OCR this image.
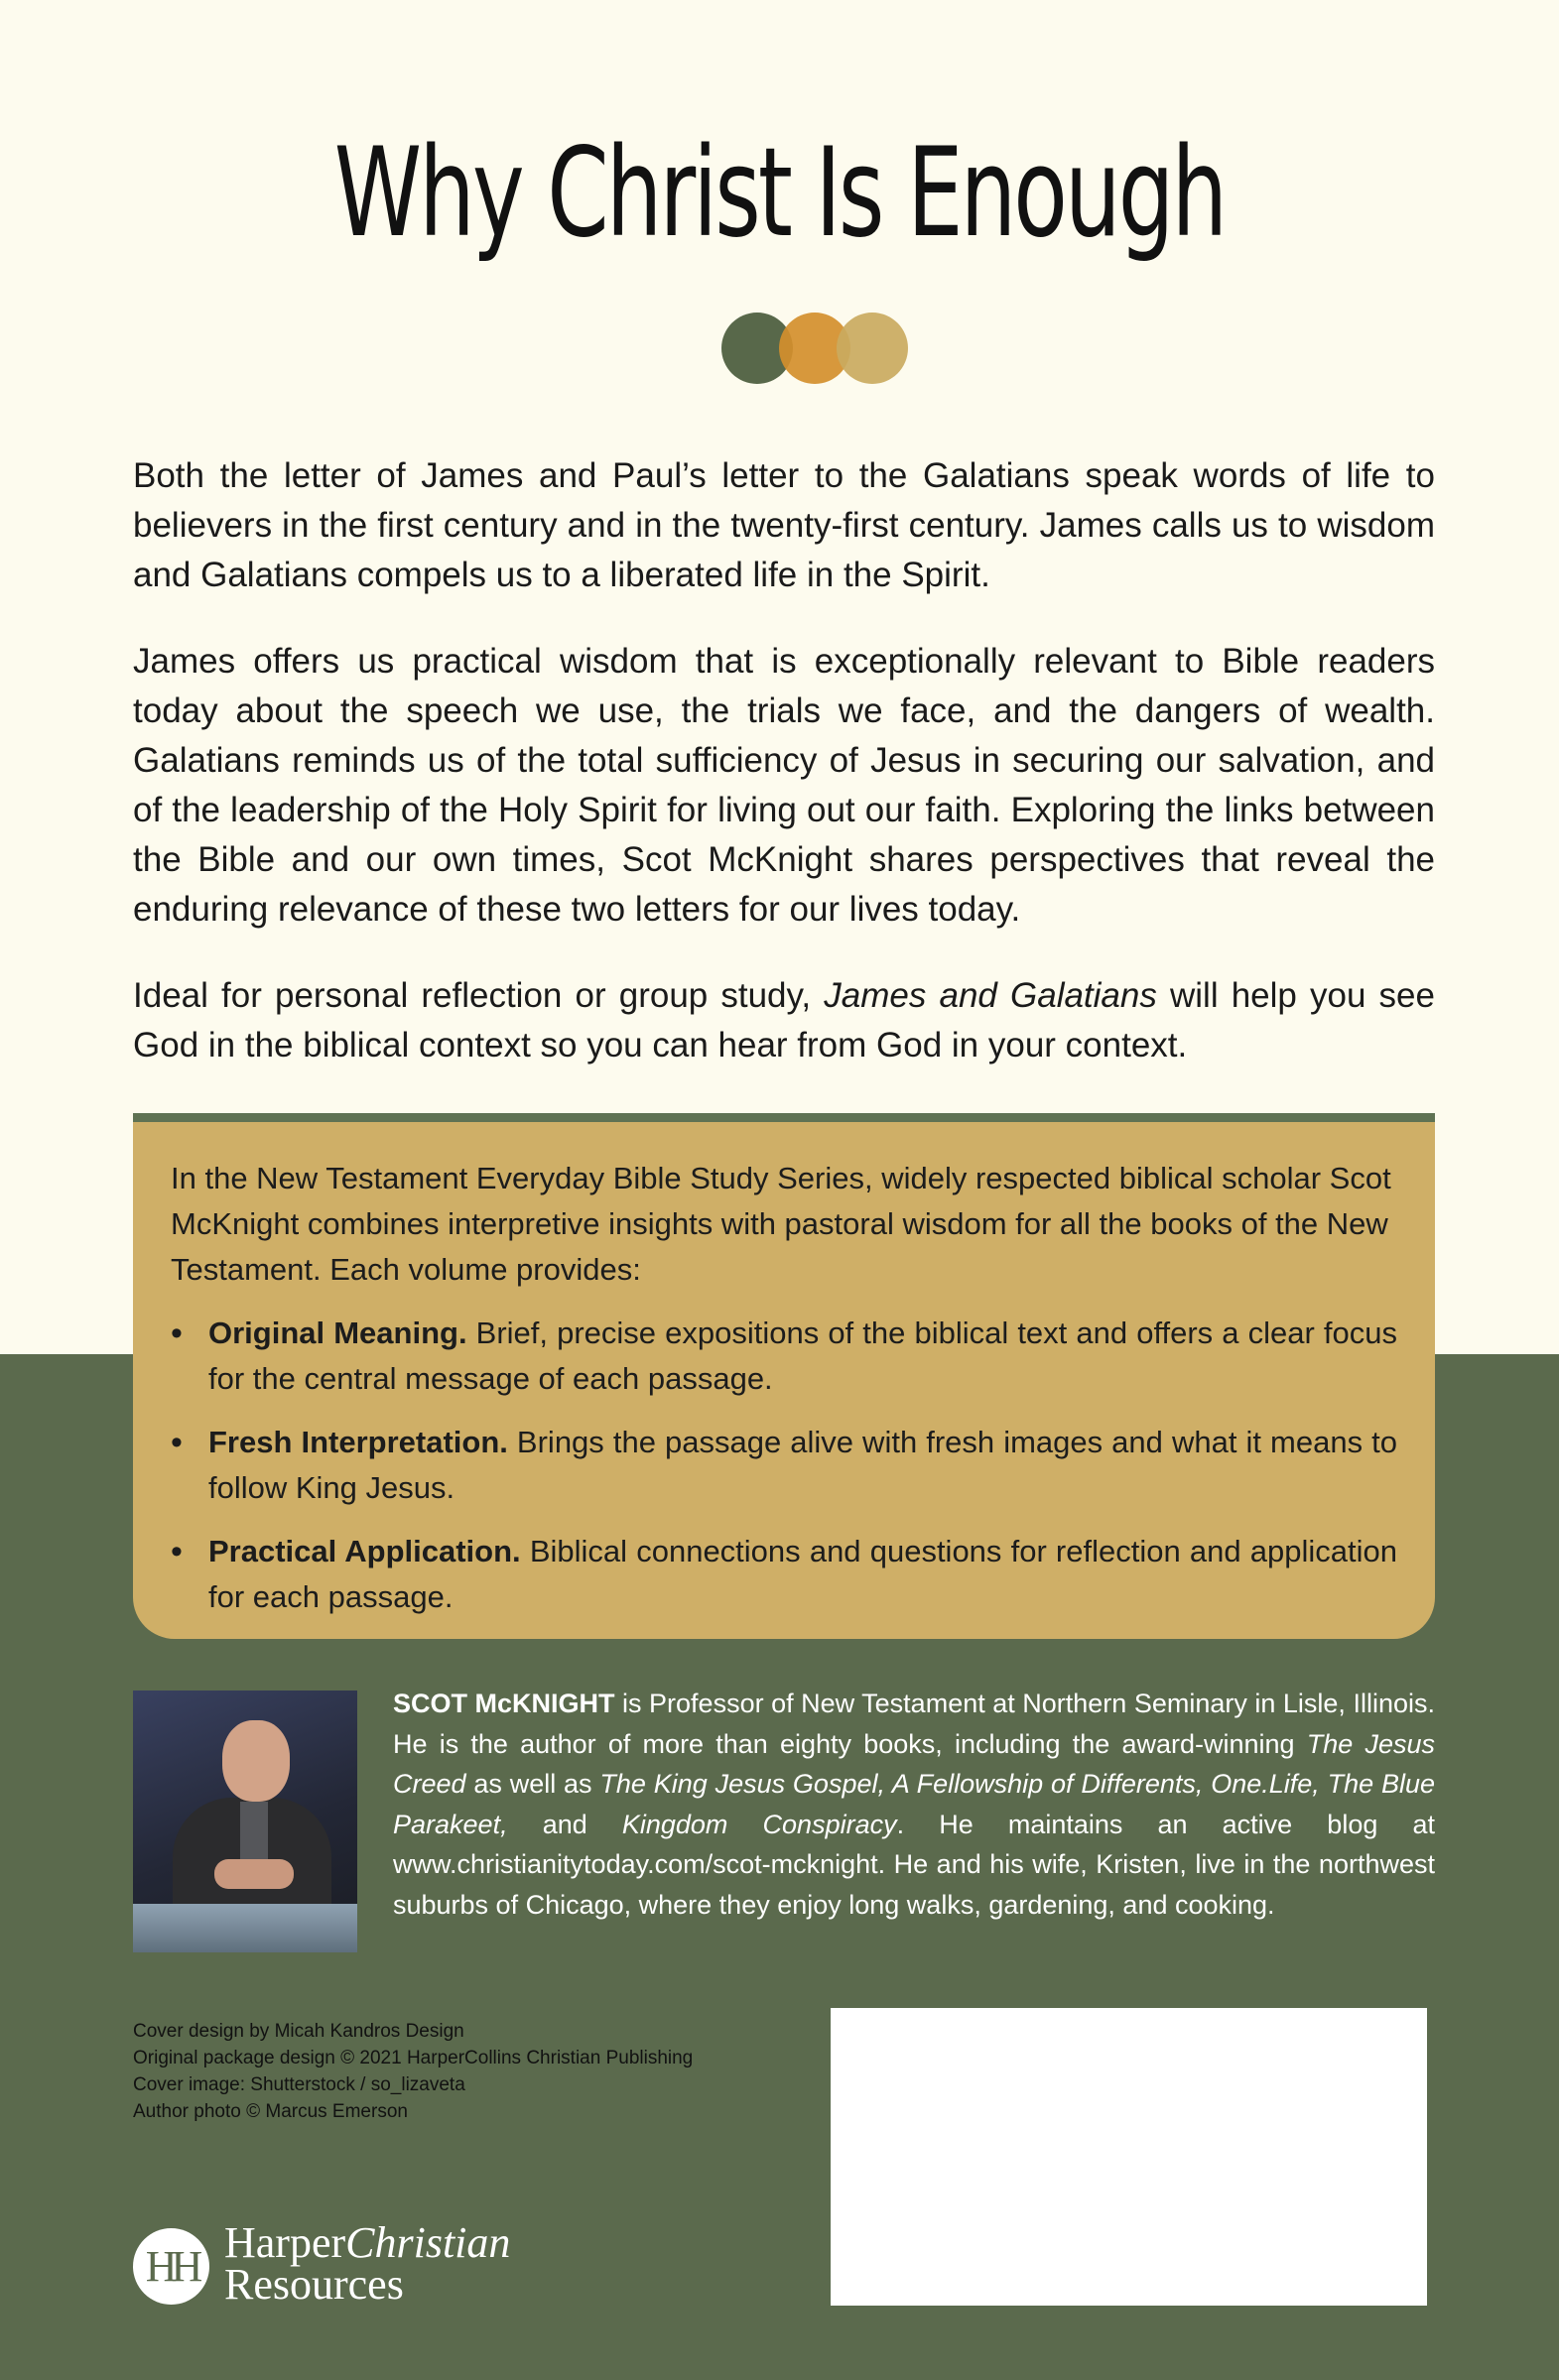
Why Christ Is Enough

Both the letter of James and Paul’s letter to the Galatians speak words of life to believers in the first century and in the twenty-first century. James calls us to wisdom and Galatians compels us to a liberated life in the Spirit.

James offers us practical wisdom that is exceptionally relevant to Bible readers today about the speech we use, the trials we face, and the dangers of wealth. Galatians reminds us of the total sufficiency of Jesus in securing our salvation, and of the leadership of the Holy Spirit for living out our faith. Exploring the links between the Bible and our own times, Scot McKnight shares perspectives that reveal the enduring relevance of these two letters for our lives today.

Ideal for personal reflection or group study, James and Galatians will help you see God in the biblical context so you can hear from God in your context.

In the New Testament Everyday Bible Study Series, widely respected biblical scholar Scot McKnight combines interpretive insights with pastoral wisdom for all the books of the New Testament. Each volume provides:

• Original Meaning. Brief, precise expositions of the biblical text and offers a clear focus for the central message of each passage.
• Fresh Interpretation. Brings the passage alive with fresh images and what it means to follow King Jesus.
• Practical Application. Biblical connections and questions for reflection and application for each passage.
SCOT McKNIGHT is Professor of New Testament at Northern Seminary in Lisle, Illinois. He is the author of more than eighty books, including the award-winning The Jesus Creed as well as The King Jesus Gospel, A Fellowship of Differents, One.Life, The Blue Parakeet, and Kingdom Conspiracy. He maintains an active blog at www.christianitytoday.com/scot-mcknight. He and his wife, Kristen, live in the northwest suburbs of Chicago, where they enjoy long walks, gardening, and cooking.
Cover design by Micah Kandros Design
Original package design © 2021 HarperCollins Christian Publishing
Cover image: Shutterstock / so_lizaveta
Author photo © Marcus Emerson
HH HarperChristian
Resources
